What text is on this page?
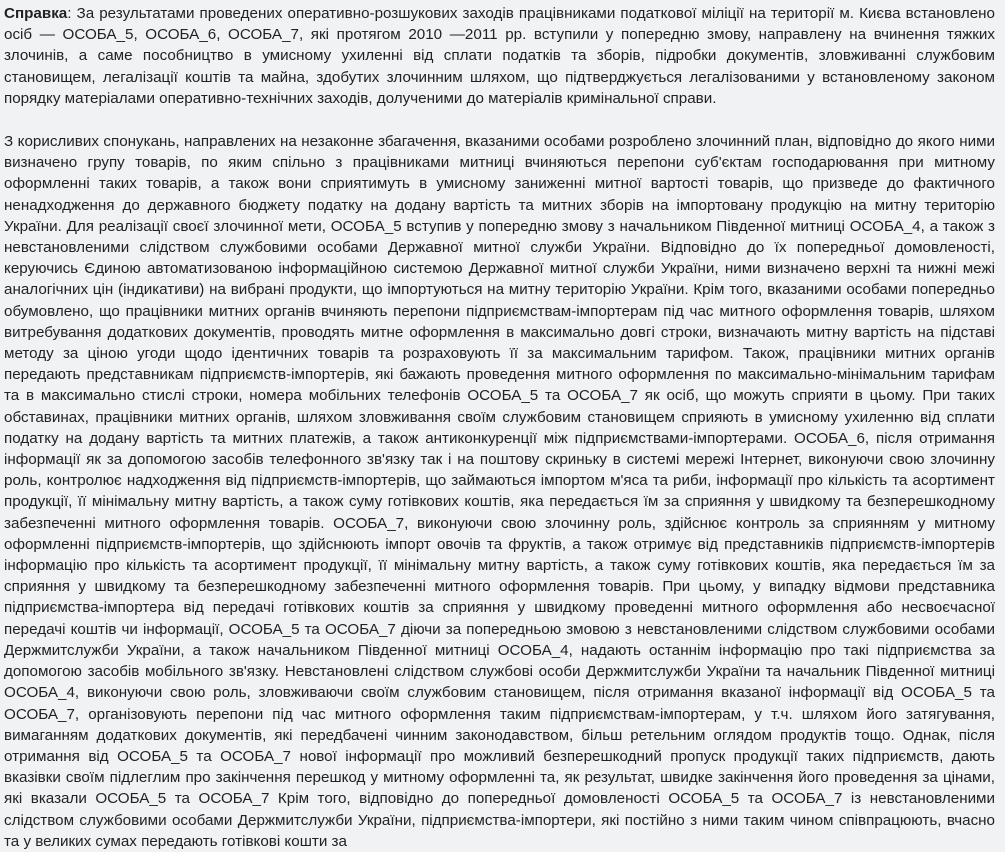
Справка: За результатами проведених оперативно-розшукових заходів працівниками податкової міліції на території м. Києва встановлено осіб — ОСОБА_5, ОСОБА_6, ОСОБА_7, які протягом 2010 —2011 рр. вступили у попередню змову, направлену на вчинення тяжких злочинів, а саме пособництво в умисному ухиленні від сплати податків та зборів, підробки документів, зловживанні службовим становищем, легалізації коштів та майна, здобутих злочинним шляхом, що підтверджується легалізованими у встановленому законом порядку матеріалами оперативно-технічних заходів, долученими до матеріалів кримінальної справи.

З корисливих спонукань, направлених на незаконне збагачення, вказаними особами розроблено злочинний план, відповідно до якого ними визначено групу товарів, по яким спільно з працівниками митниці вчиняються перепони суб'єктам господарювання при митному оформленні таких товарів, а також вони сприятимуть в умисному заниженні митної вартості товарів, що призведе до фактичного ненадходження до державного бюджету податку на додану вартість та митних зборів на імпортовану продукцію на митну територію України. Для реалізації своєї злочинної мети, ОСОБА_5 вступив у попередню змову з начальником Південної митниці ОСОБА_4, а також з невстановленими слідством службовими особами Державної митної служби України. Відповідно до їх попередньої домовленості, керуючись Єдиною автоматизованою інформаційною системою Державної митної служби України, ними визначено верхні та нижні межі аналогічних цін (індикативи) на вибрані продукти, що імпортуються на митну територію України. Крім того, вказаними особами попередньо обумовлено, що працівники митних органів вчиняють перепони підприємствам-імпортерам під час митного оформлення товарів, шляхом витребування додаткових документів, проводять митне оформлення в максимально довгі строки, визначають митну вартість на підставі методу за ціною угоди щодо ідентичних товарів та розраховують її за максимальним тарифом. Також, працівники митних органів передають представникам підприємств-імпортерів, які бажають проведення митного оформлення по максимально-мінімальним тарифам та в максимально стислі строки, номера мобільних телефонів ОСОБА_5 та ОСОБА_7 як осіб, що можуть сприяти в цьому. При таких обставинах, працівники митних органів, шляхом зловживання своїм службовим становищем сприяють в умисному ухиленню від сплати податку на додану вартість та митних платежів, а також антиконкуренції між підприємствами-імпортерами. ОСОБА_6, після отримання інформації як за допомогою засобів телефонного зв'язку так і на поштову скриньку в системі мережі Інтернет, виконуючи свою злочинну роль, контролює надходження від підприємств-імпортерів, що займаються імпортом м'яса та риби, інформації про кількість та асортимент продукції, її мінімальну митну вартість, а також суму готівкових коштів, яка передається їм за сприяння у швидкому та безперешкодному забезпеченні митного оформлення товарів. ОСОБА_7, виконуючи свою злочинну роль, здійснює контроль за сприянням у митному оформленні підприємств-імпортерів, що здійснюють імпорт овочів та фруктів, а також отримує від представників підприємств-імпортерів інформацію про кількість та асортимент продукції, її мінімальну митну вартість, а також суму готівкових коштів, яка передається їм за сприяння у швидкому та безперешкодному забезпеченні митного оформлення товарів. При цьому, у випадку відмови представника підприємства-імпортера від передачі готівкових коштів за сприяння у швидкому проведенні митного оформлення або несвоєчасної передачі коштів чи інформації, ОСОБА_5 та ОСОБА_7 діючи за попередньою змовою з невстановленими слідством службовими особами Держмитслужби України, а також начальником Південної митниці ОСОБА_4, надають останнім інформацію про такі підприємства за допомогою засобів мобільного зв'язку. Невстановлені слідством службові особи Держмитслужби України та начальник Південної митниці ОСОБА_4, виконуючи свою роль, зловживаючи своїм службовим становищем, після отримання вказаної інформації від ОСОБА_5 та ОСОБА_7, організовують перепони під час митного оформлення таким підприємствам-імпортерам, у т.ч. шляхом його затягування, вимаганням додаткових документів, які передбачені чинним законодавством, більш ретельним оглядом продуктів тощо. Однак, після отримання від ОСОБА_5 та ОСОБА_7 нової інформації про можливий безперешкодний пропуск продукції таких підприємств, дають вказівки своїм підлеглим про закінчення перешкод у митному оформленні та, як результат, швидке закінчення його проведення за цінами, які вказали ОСОБА_5 та ОСОБА_7 Крім того, відповідно до попередньої домовленості ОСОБА_5 та ОСОБА_7 із невстановленими слідством службовими особами Держмитслужби України, підприємства-імпортери, які постійно з ними таким чином співпрацюють, вчасно та у великих сумах передають готівкові кошти за
